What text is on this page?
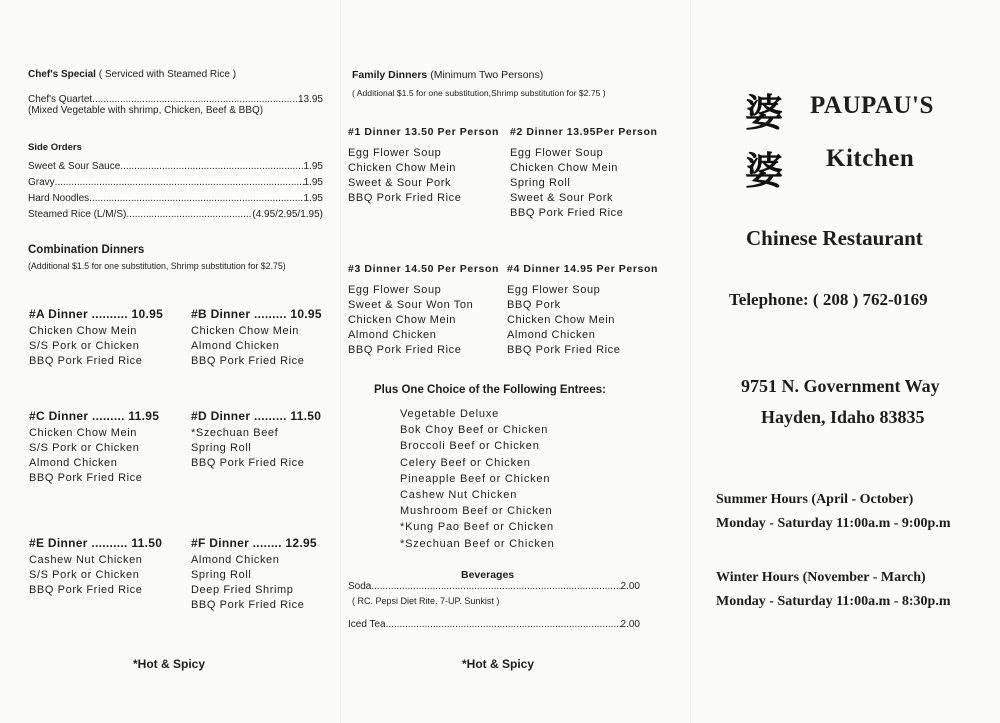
Chef's Special ( Serviced with Steamed Rice )
Chef's Quartet .....	13.95
(Mixed Vegetable with shrimp, Chicken, Beef & BBQ)
Side Orders
Sweet & Sour Sauce .....	1.95
Gravy .....	1.95
Hard Noodles .....	1.95
Steamed Rice (L/M/S) .....	(4.95/2.95/1.95)
Combination Dinners
(Additional $1.5 for one substitution, Shrimp substitution for $2.75)
#A Dinner .......... 10.95
Chicken Chow Mein
S/S Pork or Chicken
BBQ Pork Fried Rice
#B Dinner ......... 10.95
Chicken Chow Mein
Almond Chicken
BBQ Pork Fried Rice
#C Dinner ......... 11.95
Chicken Chow Mein
S/S Pork or Chicken
Almond Chicken
BBQ Pork Fried Rice
#D Dinner ......... 11.50
*Szechuan Beef
Spring Roll
BBQ Pork Fried Rice
#E Dinner .......... 11.50
Cashew Nut Chicken
S/S Pork or Chicken
BBQ Pork Fried Rice
#F Dinner ........ 12.95
Almond Chicken
Spring Roll
Deep Fried Shrimp
BBQ Pork Fried Rice
*Hot & Spicy
Family Dinners (Minimum Two Persons)
( Additional $1.5 for one substitution,Shrimp substitution for $2.75 )
#1 Dinner 13.50 Per Person
Egg Flower Soup
Chicken Chow Mein
Sweet & Sour Pork
BBQ Pork Fried Rice
#2 Dinner 13.95Per Person
Egg Flower Soup
Chicken Chow Mein
Spring Roll
Sweet & Sour Pork
BBQ Pork Fried Rice
#3 Dinner 14.50 Per Person
Egg Flower Soup
Sweet & Sour Won Ton
Chicken Chow Mein
Almond Chicken
BBQ Pork Fried Rice
#4 Dinner 14.95 Per Person
Egg Flower Soup
BBQ Pork
Chicken Chow Mein
Almond Chicken
BBQ Pork Fried Rice
Plus One Choice of the Following Entrees:
Vegetable Deluxe
Bok Choy Beef or Chicken
Broccoli Beef or Chicken
Celery Beef or Chicken
Pineapple Beef or Chicken
Cashew Nut Chicken
Mushroom Beef or Chicken
*Kung Pao Beef or Chicken
*Szechuan Beef or Chicken
Beverages
Soda .....	2.00
( RC. Pepsi Diet Rite. 7-UP. Sunkist )
Iced Tea .....	2.00
*Hot & Spicy
婆
婆
PAUPAU'S
Kitchen
Chinese Restaurant
Telephone: ( 208 ) 762-0169
9751 N. Government Way
Hayden, Idaho 83835
Summer Hours (April - October)
Monday - Saturday 11:00a.m - 9:00p.m
Winter Hours (November - March)
Monday - Saturday 11:00a.m - 8:30p.m
